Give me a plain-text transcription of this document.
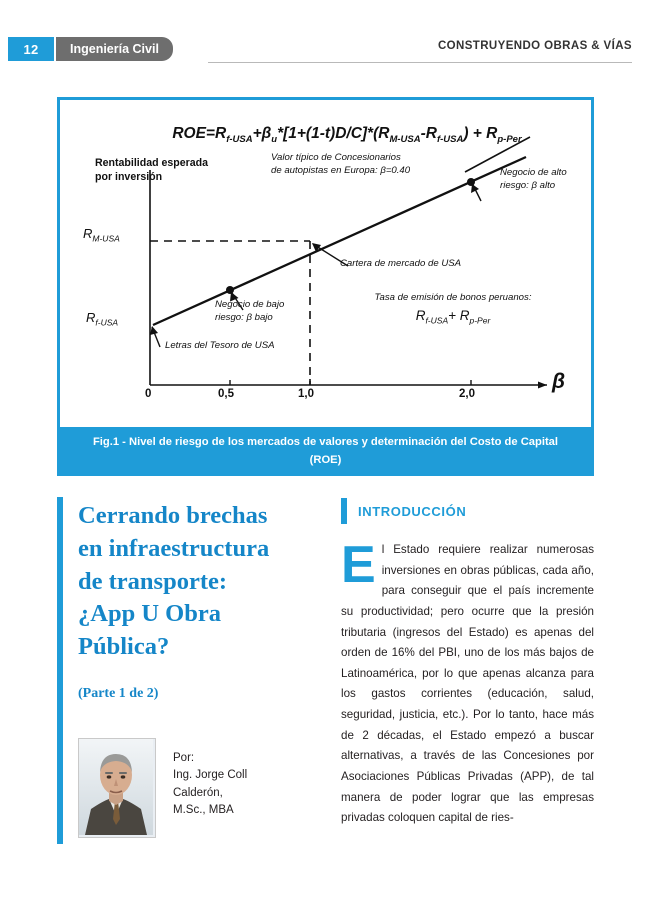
12	Ingeniería Civil	CONSTRUYENDO OBRAS & VÍAS
$ROE=R_{f-USA}+\beta_u*[1+(1-t)D/C]*(R_{M-USA}-R_{f-USA}) + R_{p-Per}$
Rentabilidad esperada
por inversión
Valor típico de Concesionarios
de autopistas en Europa: β=0.40	Negocio de alto
riesgo: β alto
Cartera de mercado de USA
Negocio de bajo
riesgo: β bajo
Letras del Tesoro de USA
Tasa de emisión de bonos peruanos:
$R_{f-USA}+ R_{p-Per}$
$R_{M-USA}$
$R_{f-USA}$
0	0,5	1,0	2,0
β
Fig.1 - Nivel de riesgo de los mercados de valores y determinación del Costo de Capital
(ROE)
Cerrando brechas
en infraestructura
de transporte:
¿App U Obra
Pública?
(Parte 1 de 2)
Por:
Ing. Jorge Coll
Calderón,
M.Sc., MBA
INTRODUCCIÓN
El Estado requiere realizar numerosas inversiones en obras públicas, cada año, para conseguir que el país incremente su productividad; pero ocurre que la presión tributaria (ingresos del Estado) es apenas del orden de 16% del PBI, uno de los más bajos de Latinoamérica, por lo que apenas alcanza para los gastos corrientes (educación, salud, seguridad, justicia, etc.). Por lo tanto, hace más de 2 décadas, el Estado empezó a buscar alternativas, a través de las Concesiones por Asociaciones Públicas Privadas (APP), de tal manera de poder lograr que las empresas privadas coloquen capital de ries-
